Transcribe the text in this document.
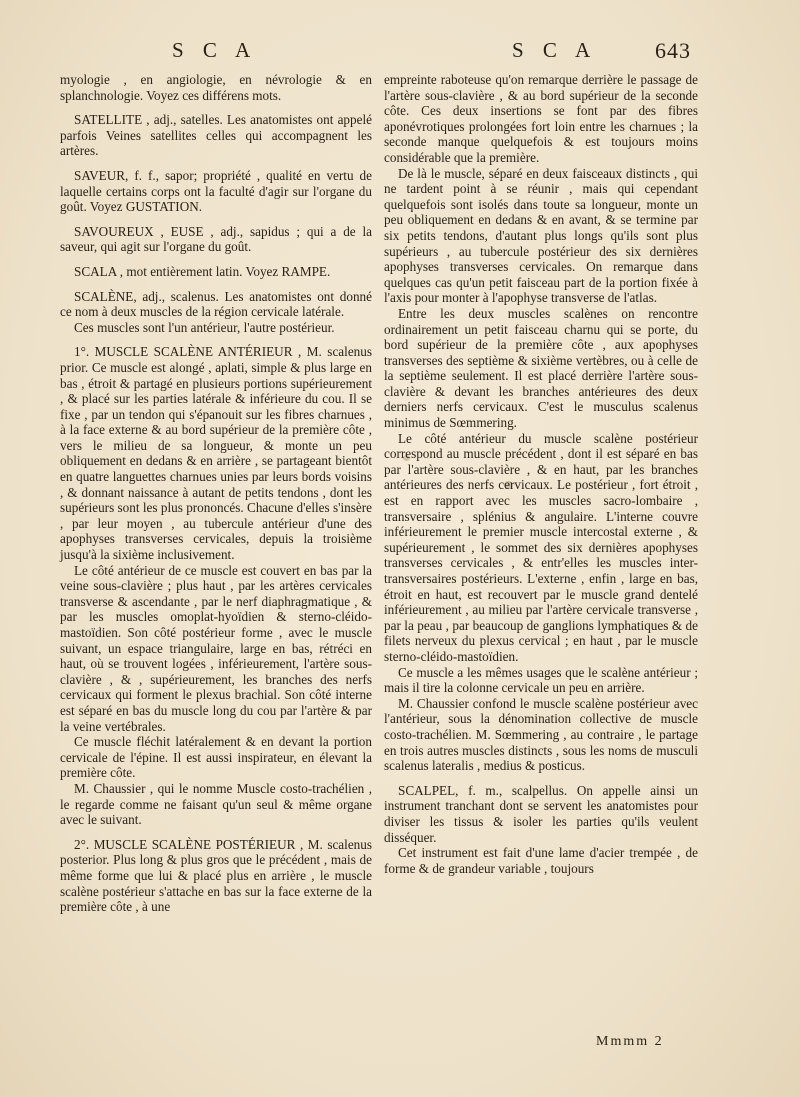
S C A	S C A	643

myologie , en angiologie, en névrologie & en splanchnologie. Voyez ces différens mots.

SATELLITE , adj., satelles. Les anatomistes ont appelé parfois Veines satellites celles qui accompagnent les artères.

SAVEUR, f. f., sapor; propriété , qualité en vertu de laquelle certains corps ont la faculté d'agir sur l'organe du goût. Voyez GUSTATION.

SAVOUREUX , EUSE , adj., sapidus ; qui a de la saveur, qui agit sur l'organe du goût.

SCALA , mot entièrement latin. Voyez RAMPE.

SCALÈNE, adj., scalenus. Les anatomistes ont donné ce nom à deux muscles de la région cervicale latérale.

Ces muscles sont l'un antérieur, l'autre postérieur.

1°. MUSCLE SCALÈNE ANTÉRIEUR , M. scalenus prior. Ce muscle est alongé , aplati, simple & plus large en bas , étroit & partagé en plusieurs portions supérieurement , & placé sur les parties latérale & inférieure du cou. Il se fixe , par un tendon qui s'épanouit sur les fibres charnues , à la face externe & au bord supérieur de la première côte , vers le milieu de sa longueur, & monte un peu obliquement en dedans & en arrière , se partageant bientôt en quatre languettes charnues unies par leurs bords voisins , & donnant naissance à autant de petits tendons , dont les supérieurs sont les plus prononcés. Chacune d'elles s'insère , par leur moyen , au tubercule antérieur d'une des apophyses transverses cervicales, depuis la troisième jusqu'à la sixième inclusivement.

Le côté antérieur de ce muscle est couvert en bas par la veine sous-clavière ; plus haut , par les artères cervicales transverse & ascendante , par le nerf diaphragmatique , & par les muscles omoplat-hyoïdien & sterno-cléido-mastoïdien. Son côté postérieur forme , avec le muscle suivant, un espace triangulaire, large en bas, rétréci en haut, où se trouvent logées , inférieurement, l'artère sous-clavière , & , supérieurement, les branches des nerfs cervicaux qui forment le plexus brachial. Son côté interne est séparé en bas du muscle long du cou par l'artère & par la veine vertébrales.

Ce muscle fléchit latéralement & en devant la portion cervicale de l'épine. Il est aussi inspirateur, en élevant la première côte.

M. Chaussier , qui le nomme Muscle costo-trachélien , le regarde comme ne faisant qu'un seul & même organe avec le suivant.

2°. MUSCLE SCALÈNE POSTÉRIEUR , M. scalenus posterior. Plus long & plus gros que le précédent , mais de même forme que lui & placé plus en arrière , le muscle scalène postérieur s'attache en bas sur la face externe de la première côte , à une

empreinte raboteuse qu'on remarque derrière le passage de l'artère sous-clavière , & au bord supérieur de la seconde côte. Ces deux insertions se font par des fibres aponévrotiques prolongées fort loin entre les charnues ; la seconde manque quelquefois & est toujours moins considérable que la première.

De là le muscle, séparé en deux faisceaux distincts , qui ne tardent point à se réunir , mais qui cependant quelquefois sont isolés dans toute sa longueur, monte un peu obliquement en dedans & en avant, & se termine par six petits tendons, d'autant plus longs qu'ils sont plus supérieurs , au tubercule postérieur des six dernières apophyses transverses cervicales. On remarque dans quelques cas qu'un petit faisceau part de la portion fixée à l'axis pour monter à l'apophyse transverse de l'atlas.

Entre les deux muscles scalènes on rencontre ordinairement un petit faisceau charnu qui se porte, du bord supérieur de la première côte , aux apophyses transverses des septième & sixième vertèbres, ou à celle de la septième seulement. Il est placé derrière l'artère sous-clavière & devant les branches antérieures des deux derniers nerfs cervicaux. C'est le musculus scalenus minimus de Sœmmering.

Le côté antérieur du muscle scalène postérieur correspond au muscle précédent , dont il est séparé en bas par l'artère sous-clavière , & en haut, par les branches antérieures des nerfs cervicaux. Le postérieur , fort étroit , est en rapport avec les muscles sacro-lombaire , transversaire , splénius & angulaire. L'interne couvre inférieurement le premier muscle intercostal externe , & supérieurement , le sommet des six dernières apophyses transverses cervicales , & entr'elles les muscles inter-transversaires postérieurs. L'externe , enfin , large en bas, étroit en haut, est recouvert par le muscle grand dentelé inférieurement , au milieu par l'artère cervicale transverse , par la peau , par beaucoup de ganglions lymphatiques & de filets nerveux du plexus cervical ; en haut , par le muscle sterno-cléido-mastoïdien.

Ce muscle a les mêmes usages que le scalène antérieur ; mais il tire la colonne cervicale un peu en arrière.

M. Chaussier confond le muscle scalène postérieur avec l'antérieur, sous la dénomination collective de muscle costo-trachélien. M. Sœmmering , au contraire , le partage en trois autres muscles distincts , sous les noms de musculi scalenus lateralis , medius & posticus.

SCALPEL, f. m., scalpellus. On appelle ainsi un instrument tranchant dont se servent les anatomistes pour diviser les tissus & isoler les parties qu'ils veulent disséquer.

Cet instrument est fait d'une lame d'acier trempée , de forme & de grandeur variable , toujours

Mmmm 2
